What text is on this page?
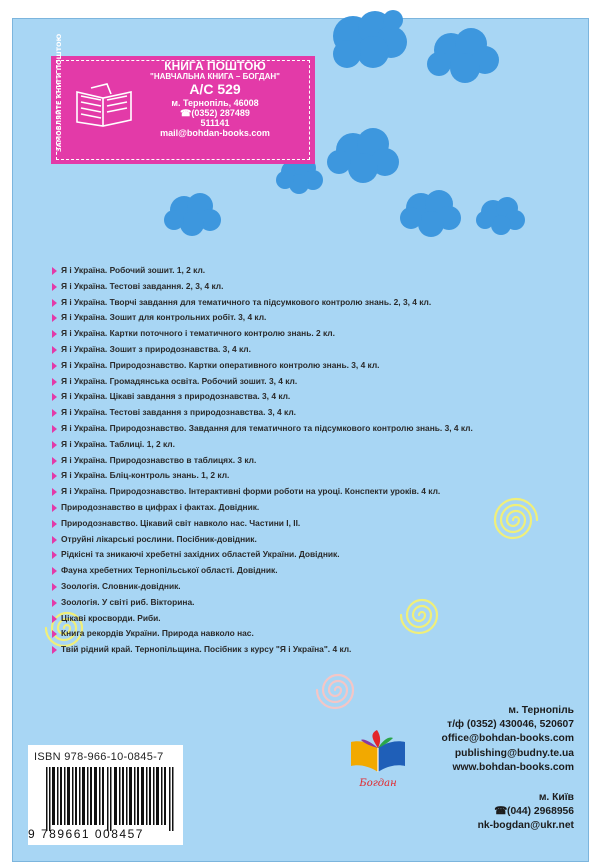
ЗАМОВЛЯЙТЕ КНИГИ ПОШТОЮ	КНИГА ПОШТОЮ
"НАВЧАЛЬНА КНИГА – БОГДАН"
А/С 529
м. Тернопіль, 46008
☎(0352) 287489
511141
mail@bohdan-books.com
Я і Україна. Робочий зошит. 1, 2 кл.
Я і Україна. Тестові завдання. 2, 3, 4 кл.
Я і Україна. Творчі завдання для тематичного та підсумкового контролю знань. 2, 3, 4 кл.
Я і Україна. Зошит для контрольних робіт. 3, 4 кл.
Я і Україна. Картки поточного і тематичного контролю знань. 2 кл.
Я і Україна. Зошит з природознавства. 3, 4 кл.
Я і Україна. Природознавство. Картки оперативного контролю знань. 3, 4 кл.
Я і Україна. Громадянська освіта. Робочий зошит. 3, 4 кл.
Я і Україна. Цікаві завдання з природознавства. 3, 4 кл.
Я і Україна. Тестові завдання з природознавства. 3, 4 кл.
Я і Україна. Природознавство. Завдання для тематичного та підсумкового контролю знань. 3, 4 кл.
Я і Україна. Таблиці. 1, 2 кл.
Я і Україна. Природознавство в таблицях. 3 кл.
Я і Україна. Бліц-контроль знань. 1, 2 кл.
Я і Україна. Природознавство. Інтерактивні форми роботи на уроці. Конспекти уроків. 4 кл.
Природознавство в цифрах і фактах. Довідник.
Природознавство. Цікавий світ навколо нас. Частини І, ІІ.
Отруйні лікарські рослини. Посібник-довідник.
Рідкісні та зникаючі хребетні західних областей України. Довідник.
Фауна хребетних Тернопільської області. Довідник.
Зоологія. Словник-довідник.
Зоологія. У світі риб. Вікторина.
Цікаві кросворди. Риби.
Книга рекордів України. Природа навколо нас.
Твій рідний край. Тернопільщина. Посібник з курсу "Я і Україна". 4 кл.
Богдан
м. Тернопіль
т/ф (0352) 430046, 520607
office@bohdan-books.com
publishing@budny.te.ua
www.bohdan-books.com
м. Київ
☎(044) 2968956
nk-bogdan@ukr.net
ISBN 978-966-10-0845-7
9 789661 008457
